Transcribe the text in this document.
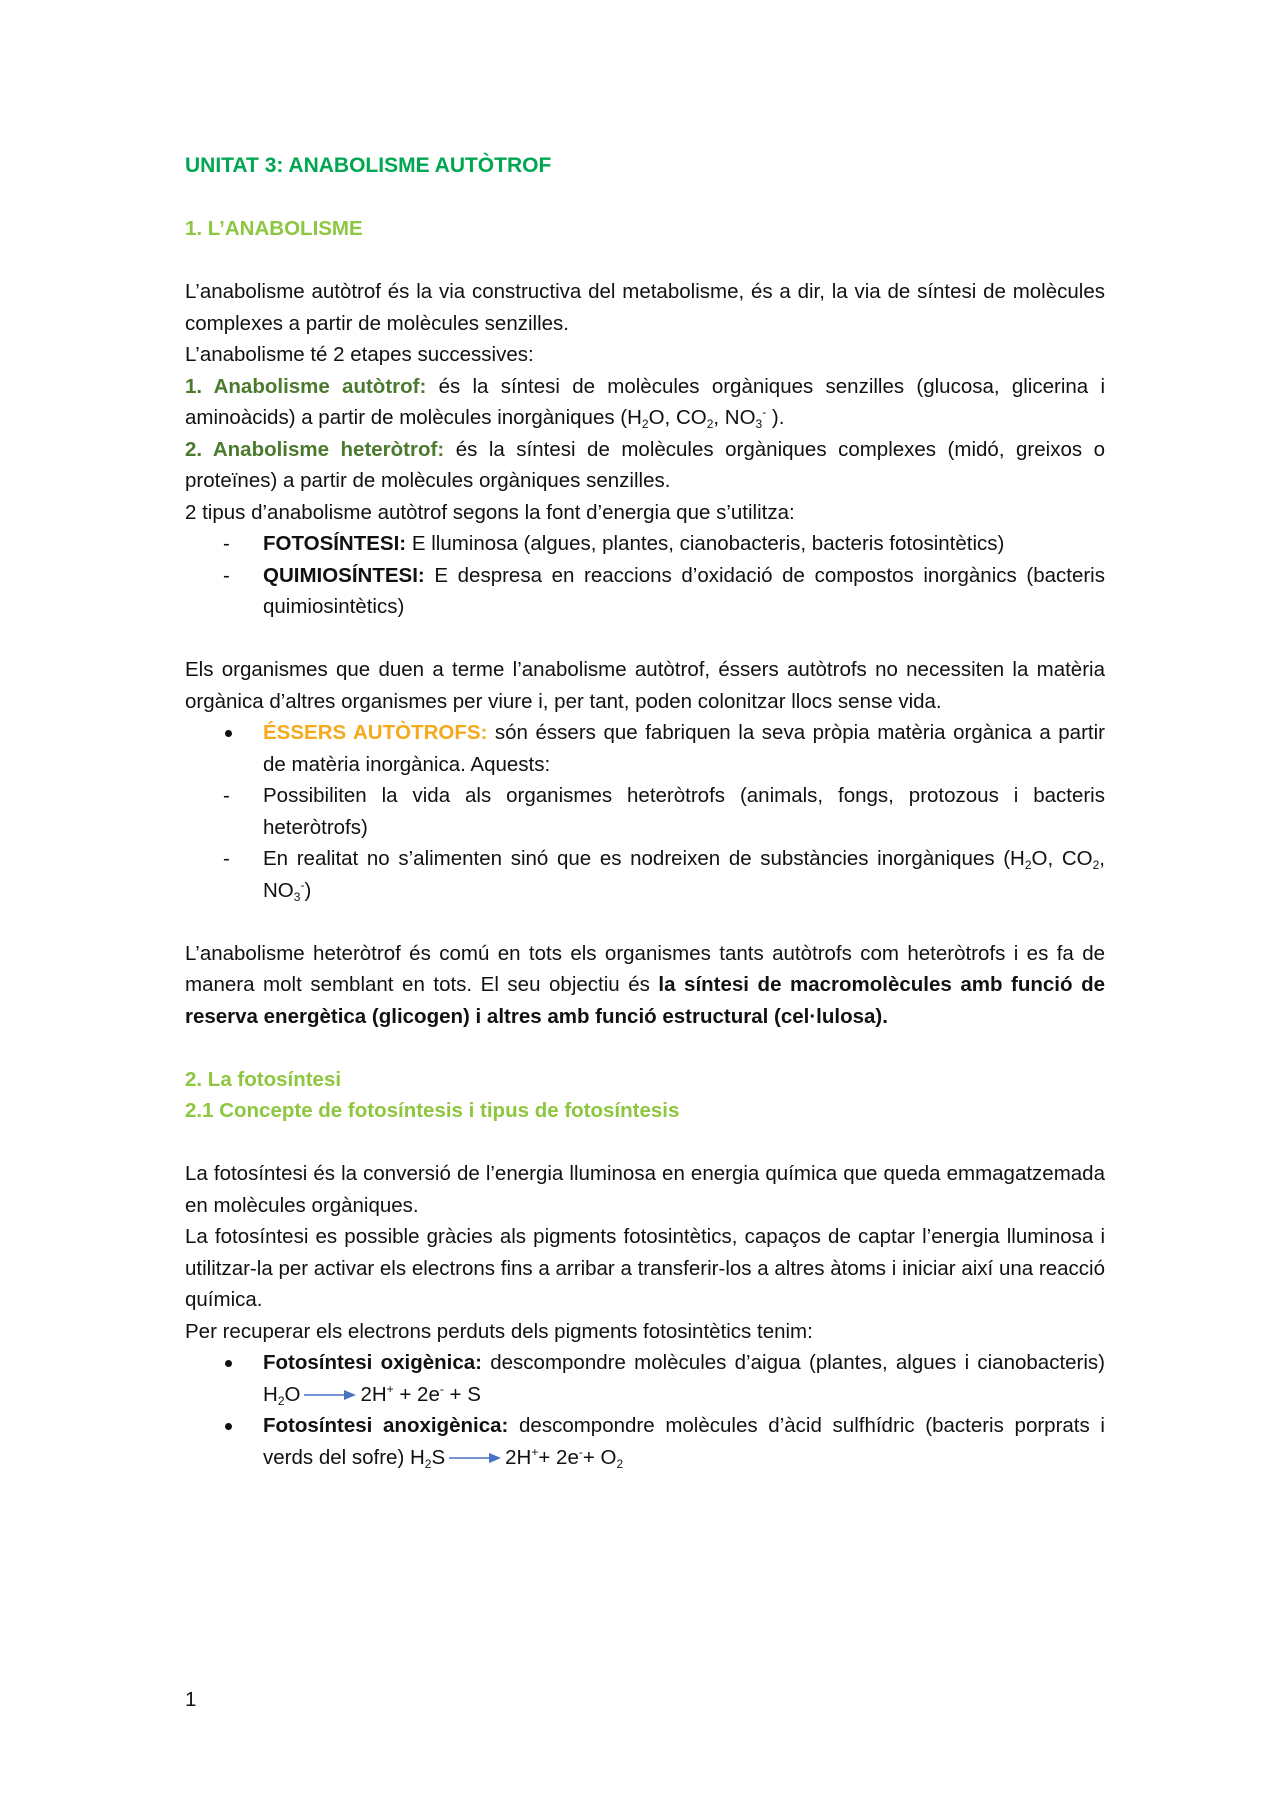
UNITAT 3: ANABOLISME AUTÒTROF

1. L’ANABOLISME

L’anabolisme autòtrof és la via constructiva del metabolisme, és a dir, la via de síntesi de molècules complexes a partir de molècules senzilles.

L’anabolisme té 2 etapes successives:

1. Anabolisme autòtrof: és la síntesi de molècules orgàniques senzilles (glucosa, glicerina i aminoàcids) a partir de molècules inorgàniques ($H_2O$, $CO_2$, $NO_3^-$ ).

2. Anabolisme heteròtrof: és la síntesi de molècules orgàniques complexes (midó, greixos o proteïnes) a partir de molècules orgàniques senzilles.

2 tipus d’anabolisme autòtrof segons la font d’energia que s’utilitza:

-	FOTOSÍNTESI: E lluminosa (algues, plantes, cianobacteris, bacteris fotosintètics)
-	QUIMIOSÍNTESI: E despresa en reaccions d’oxidació de compostos inorgànics (bacteris quimiosintètics)

Els organismes que duen a terme l’anabolisme autòtrof, éssers autòtrofs no necessiten la matèria orgànica d’altres organismes per viure i, per tant, poden colonitzar llocs sense vida.

ÉSSERS AUTÒTROFS: són éssers que fabriquen la seva pròpia matèria orgànica a partir de matèria inorgànica. Aquests:
-	Possibiliten la vida als organismes heteròtrofs (animals, fongs, protozous i bacteris heteròtrofs)
-	En realitat no s’alimenten sinó que es nodreixen de substàncies inorgàniques ($H_2O$, $CO_2$, $NO_3^-$)

L’anabolisme heteròtrof és comú en tots els organismes tants autòtrofs com heteròtrofs i es fa de manera molt semblant en tots. El seu objectiu és la síntesi de macromolècules amb funció de reserva energètica (glicogen) i altres amb funció estructural (cel·lulosa).

2. La fotosíntesi

2.1 Concepte de fotosíntesis i tipus de fotosíntesis

La fotosíntesi és la conversió de l’energia lluminosa en energia química que queda emmagatzemada en molècules orgàniques.

La fotosíntesi es possible gràcies als pigments fotosintètics, capaços de captar l’energia lluminosa i utilitzar-la per activar els electrons fins a arribar a transferir-los a altres àtoms i iniciar així una reacció química.

Per recuperar els electrons perduts dels pigments fotosintètics tenim:

Fotosíntesi oxigènica: descompondre molècules d’aigua (plantes, algues i cianobacteris) $H_2O \to 2H^+ + 2e^- + S$
Fotosíntesi anoxigènica: descompondre molècules d’àcid sulfhídric (bacteris porprats i verds del sofre) $H_2S \to 2H^++ 2e^-+ O_2$
1
